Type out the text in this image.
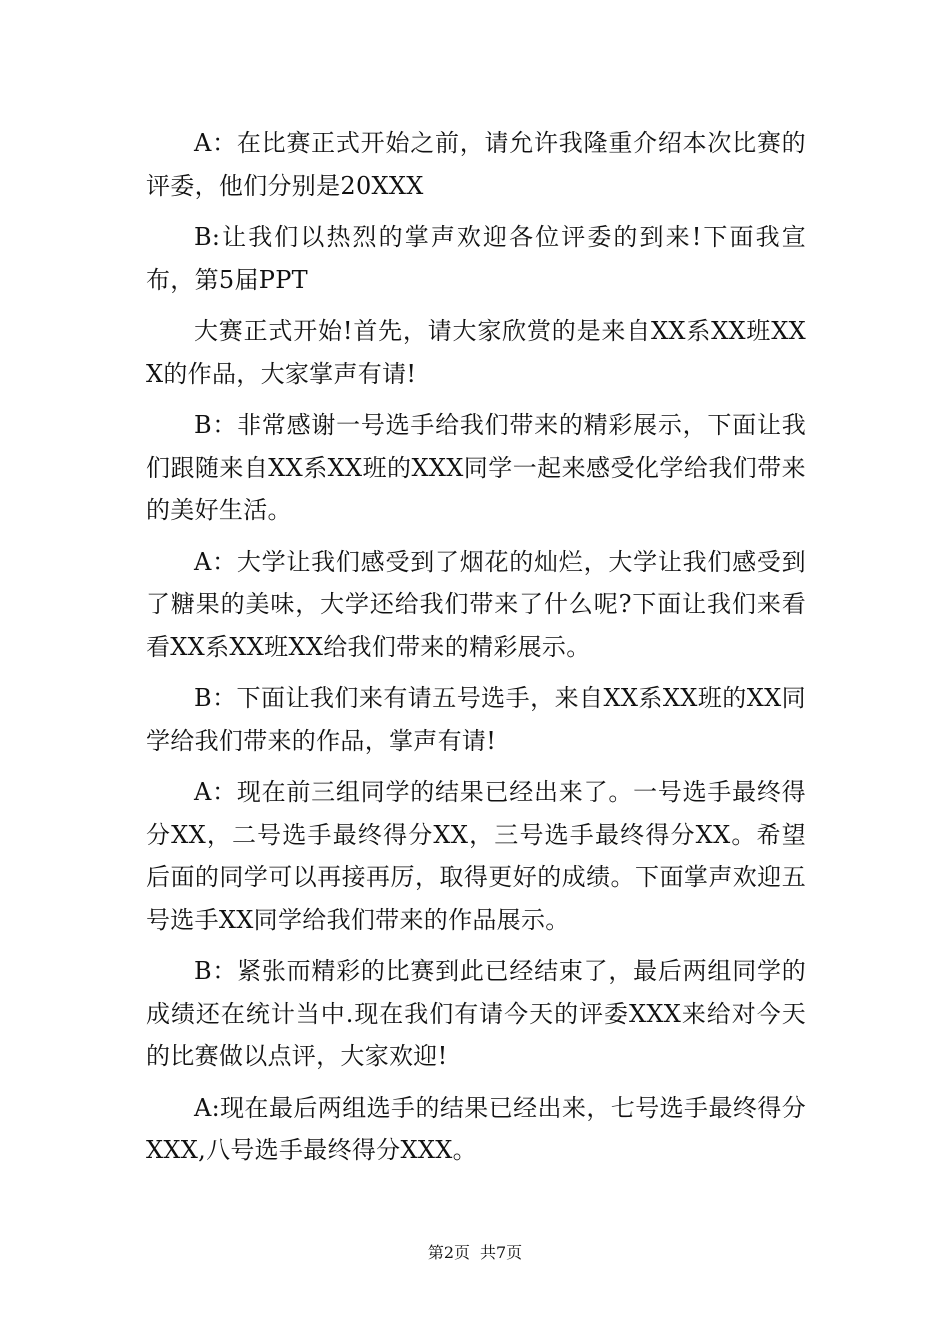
A：在比赛正式开始之前，请允许我隆重介绍本次比赛的评委，他们分别是20XXX

B:让我们以热烈的掌声欢迎各位评委的到来!下面我宣布，第5届PPT

大赛正式开始!首先，请大家欣赏的是来自XX系XX班XXX的作品，大家掌声有请!

B：非常感谢一号选手给我们带来的精彩展示，下面让我们跟随来自XX系XX班的XXX同学一起来感受化学给我们带来的美好生活。

A：大学让我们感受到了烟花的灿烂，大学让我们感受到了糖果的美味，大学还给我们带来了什么呢?下面让我们来看看XX系XX班XX给我们带来的精彩展示。

B：下面让我们来有请五号选手，来自XX系XX班的XX同学给我们带来的作品，掌声有请!

A：现在前三组同学的结果已经出来了。一号选手最终得分XX，二号选手最终得分XX，三号选手最终得分XX。希望后面的同学可以再接再厉，取得更好的成绩。下面掌声欢迎五号选手XX同学给我们带来的作品展示。

B：紧张而精彩的比赛到此已经结束了，最后两组同学的成绩还在统计当中.现在我们有请今天的评委XXX来给对今天的比赛做以点评，大家欢迎!

A:现在最后两组选手的结果已经出来，七号选手最终得分XXX,八号选手最终得分XXX。

第2页 共7页
